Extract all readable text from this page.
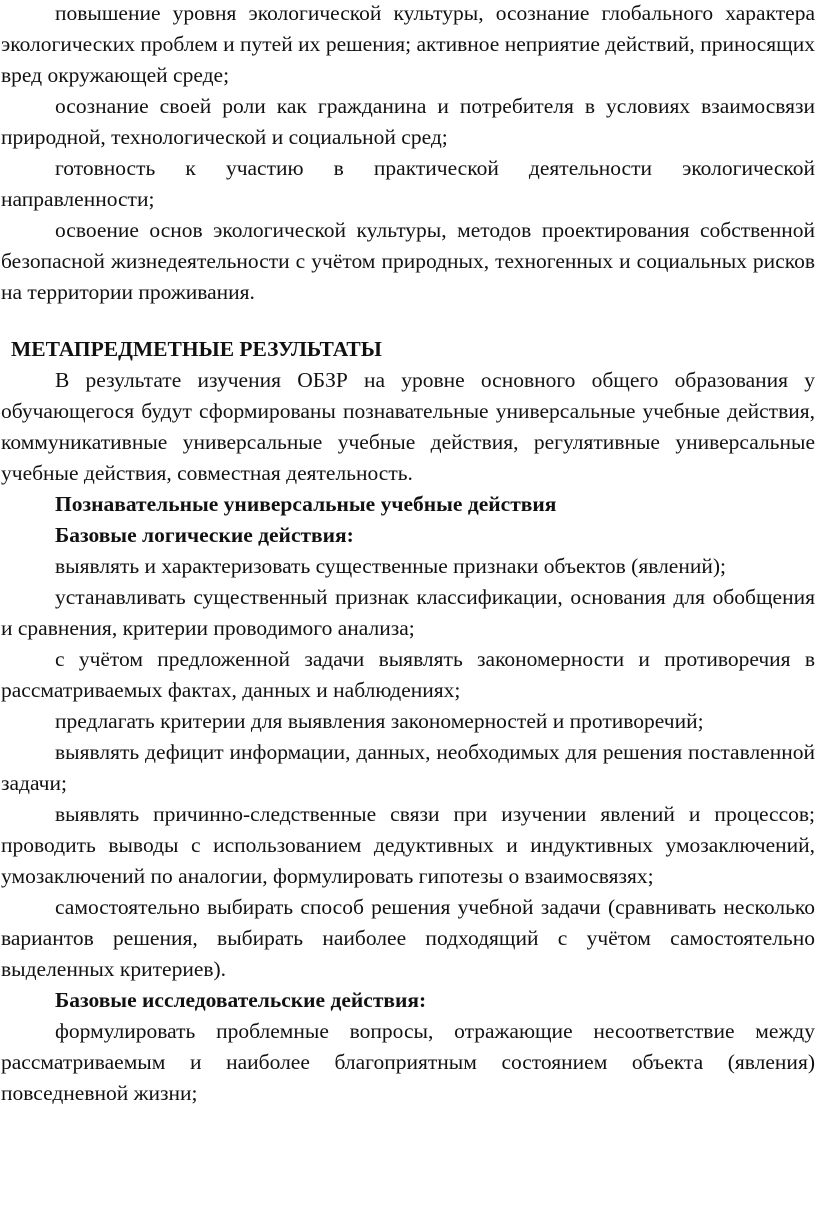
повышение уровня экологической культуры, осознание глобального характера экологических проблем и путей их решения; активное неприятие действий, приносящих вред окружающей среде;

осознание своей роли как гражданина и потребителя в условиях взаимосвязи природной, технологической и социальной сред;

готовность к участию в практической деятельности экологической направленности;

освоение основ экологической культуры, методов проектирования собственной безопасной жизнедеятельности с учётом природных, техногенных и социальных рисков на территории проживания.

МЕТАПРЕДМЕТНЫЕ РЕЗУЛЬТАТЫ

В результате изучения ОБЗР на уровне основного общего образования у обучающегося будут сформированы познавательные универсальные учебные действия, коммуникативные универсальные учебные действия, регулятивные универсальные учебные действия, совместная деятельность.

Познавательные универсальные учебные действия

Базовые логические действия:

выявлять и характеризовать существенные признаки объектов (явлений);

устанавливать существенный признак классификации, основания для обобщения и сравнения, критерии проводимого анализа;

с учётом предложенной задачи выявлять закономерности и противоречия в рассматриваемых фактах, данных и наблюдениях;

предлагать критерии для выявления закономерностей и противоречий;

выявлять дефицит информации, данных, необходимых для решения поставленной задачи;

выявлять причинно-следственные связи при изучении явлений и процессов; проводить выводы с использованием дедуктивных и индуктивных умозаключений, умозаключений по аналогии, формулировать гипотезы о взаимосвязях;

самостоятельно выбирать способ решения учебной задачи (сравнивать несколько вариантов решения, выбирать наиболее подходящий с учётом самостоятельно выделенных критериев).

Базовые исследовательские действия:

формулировать проблемные вопросы, отражающие несоответствие между рассматриваемым и наиболее благоприятным состоянием объекта (явления) повседневной жизни;
